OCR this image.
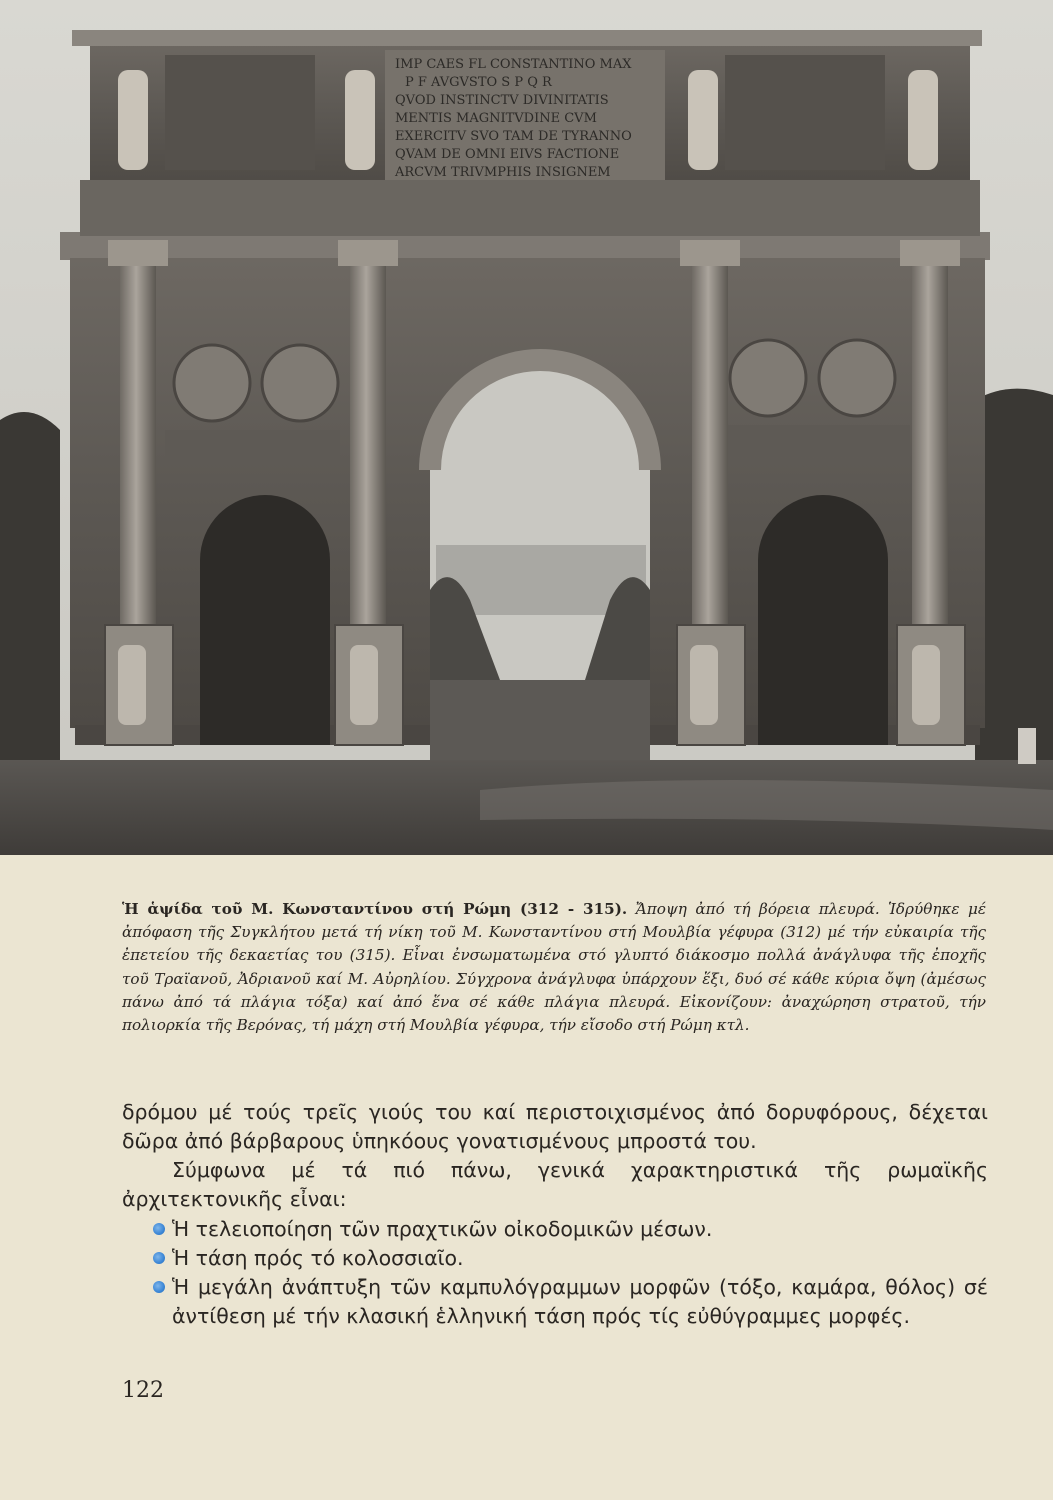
IMP CAES FL CONSTANTINO MAX
P F AVGVSTO S P Q R
QVOD INSTINCTV DIVINITATIS
MENTIS MAGNITVDINE CVM
EXERCITV SVO TAM DE TYRANNO
QVAM DE OMNI EIVS FACTIONE
ARCVM TRIVMPHIS INSIGNEM
Ἡ ἁψίδα τοῦ Μ. Κωνσταντίνου στή Ρώμη (312 - 315). Ἄποψη ἀπό τή βόρεια πλευρά. Ἱδρύθηκε μέ ἀπόφαση τῆς Συγκλήτου μετά τή νίκη τοῦ Μ. Κωνσταντίνου στή Μουλβία γέφυρα (312) μέ τήν εὐκαιρία τῆς ἐπετείου τῆς δεκαετίας του (315). Εἶναι ἐνσωματωμένα στό γλυπτό διάκοσμο πολλά ἀνάγλυφα τῆς ἐποχῆς τοῦ Τραϊανοῦ, Ἀδριανοῦ καί Μ. Αὐρηλίου. Σύγχρονα ἀνάγλυφα ὑπάρχουν ἕξι, δυό σέ κάθε κύρια ὄψη (ἀμέσως πάνω ἀπό τά πλάγια τόξα) καί ἀπό ἕνα σέ κάθε πλάγια πλευρά. Εἰκονίζουν: ἀναχώρηση στρατοῦ, τήν πολιορκία τῆς Βερόνας, τή μάχη στή Μουλβία γέφυρα, τήν εἴσοδο στή Ρώμη κτλ.

δρόμου μέ τούς τρεῖς γιούς του καί περιστοιχισμένος ἀπό δορυφόρους, δέχεται δῶρα ἀπό βάρβαρους ὑπηκόους γονατισμένους μπροστά του.

Σύμφωνα μέ τά πιό πάνω, γενικά χαρακτηριστικά τῆς ρωμαϊκῆς ἀρχιτεκτονικῆς εἶναι:

Ἡ τελειοποίηση τῶν πραχτικῶν οἰκοδομικῶν μέσων.
Ἡ τάση πρός τό κολοσσιαῖο.
Ἡ μεγάλη ἀνάπτυξη τῶν καμπυλόγραμμων μορφῶν (τόξο, καμάρα, θόλος) σέ ἀντίθεση μέ τήν κλασική ἑλληνική τάση πρός τίς εὐθύγραμμες μορφές.
122
